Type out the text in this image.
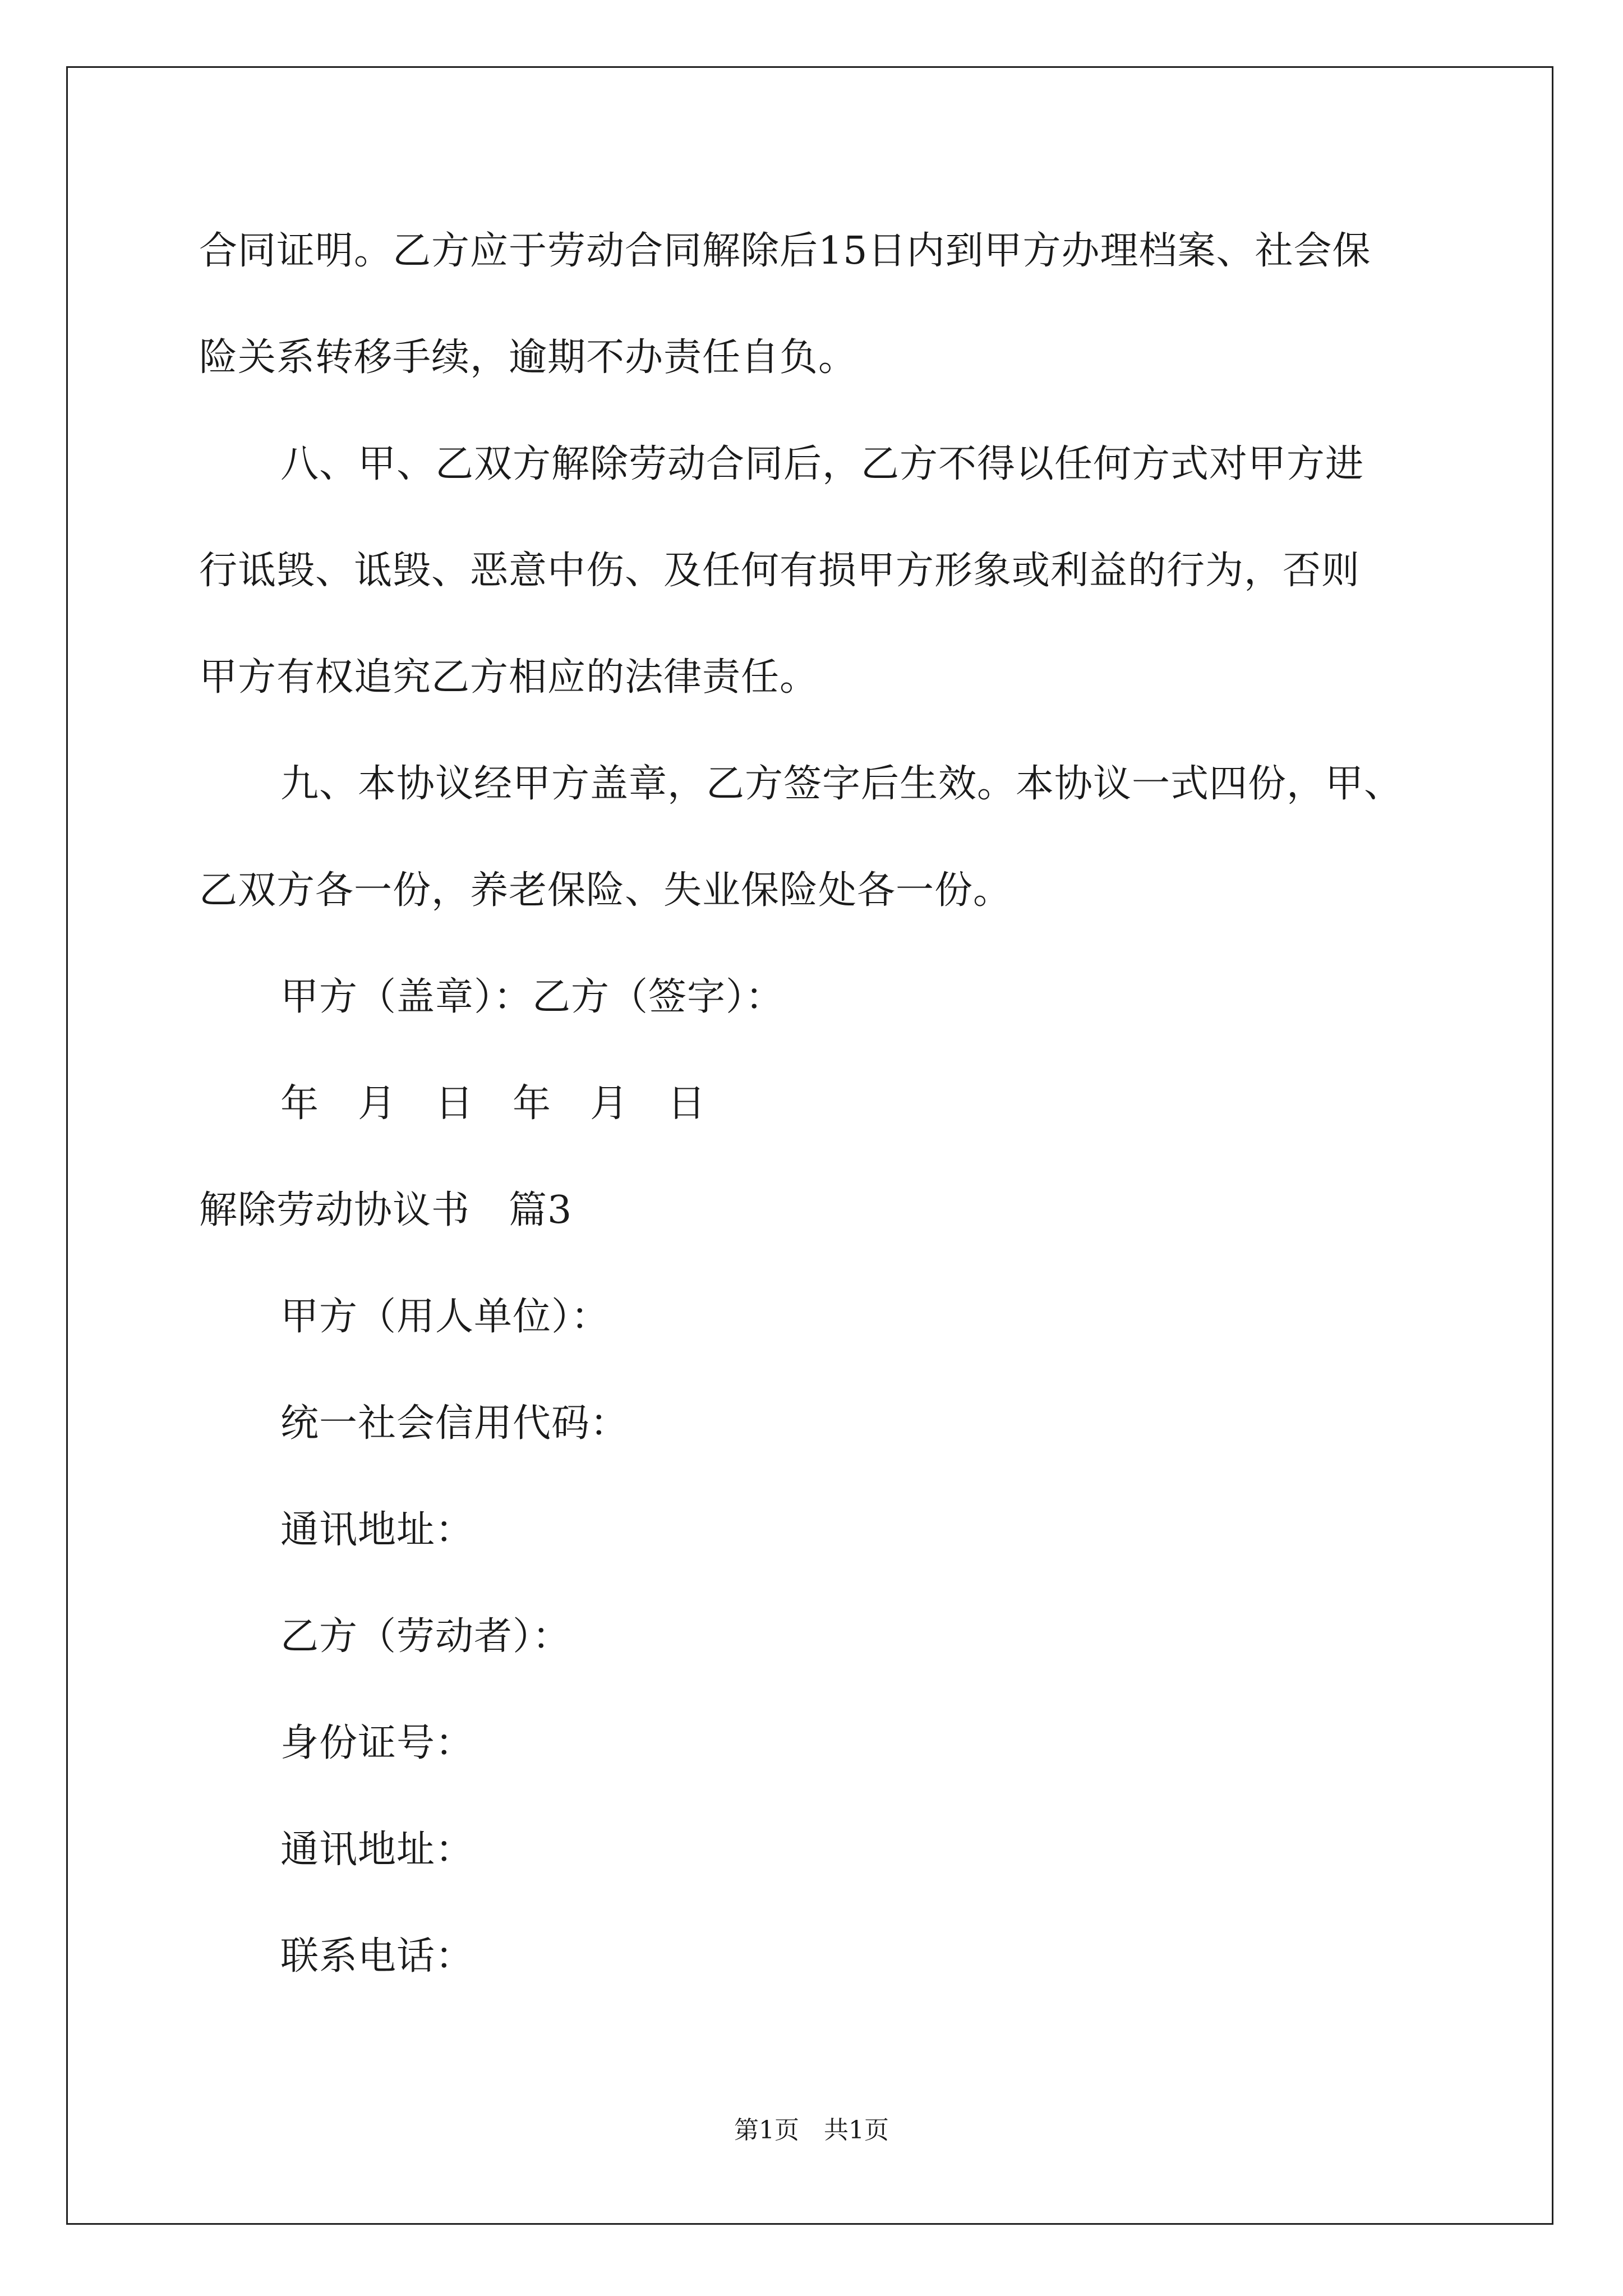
合同证明。乙方应于劳动合同解除后15日内到甲方办理档案、社会保
险关系转移手续，逾期不办责任自负。
八、甲、乙双方解除劳动合同后，乙方不得以任何方式对甲方进
行诋毁、诋毁、恶意中伤、及任何有损甲方形象或利益的行为，否则
甲方有权追究乙方相应的法律责任。
九、本协议经甲方盖章，乙方签字后生效。本协议一式四份，甲、
乙双方各一份，养老保险、失业保险处各一份。
甲方（盖章）：乙方（签字）：
年　月　日　年　月　日
解除劳动协议书　篇3
甲方（用人单位）：
统一社会信用代码：
通讯地址：
乙方（劳动者）：
身份证号：
通讯地址：
联系电话：
第1页　共1页
